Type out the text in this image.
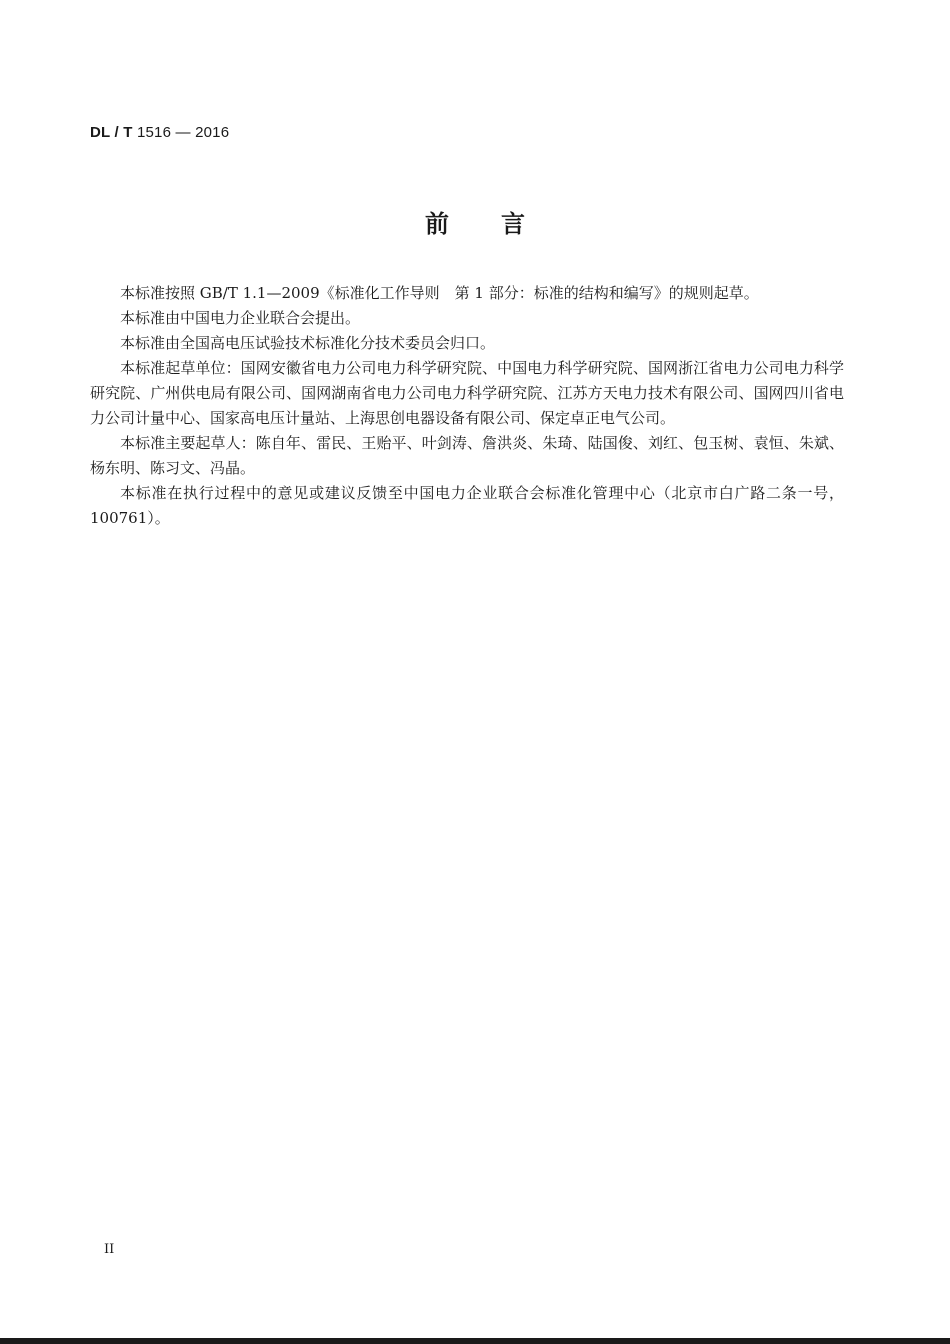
DL / T 1516 — 2016
前 言

本标准按照 GB/T 1.1—2009《标准化工作导则　第 1 部分：标准的结构和编写》的规则起草。

本标准由中国电力企业联合会提出。

本标准由全国高电压试验技术标准化分技术委员会归口。

本标准起草单位：国网安徽省电力公司电力科学研究院、中国电力科学研究院、国网浙江省电力公司电力科学研究院、广州供电局有限公司、国网湖南省电力公司电力科学研究院、江苏方天电力技术有限公司、国网四川省电力公司计量中心、国家高电压计量站、上海思创电器设备有限公司、保定卓正电气公司。

本标准主要起草人：陈自年、雷民、王贻平、叶剑涛、詹洪炎、朱琦、陆国俊、刘红、包玉树、袁恒、朱斌、杨东明、陈习文、冯晶。

本标准在执行过程中的意见或建议反馈至中国电力企业联合会标准化管理中心（北京市白广路二条一号，100761）。

II
